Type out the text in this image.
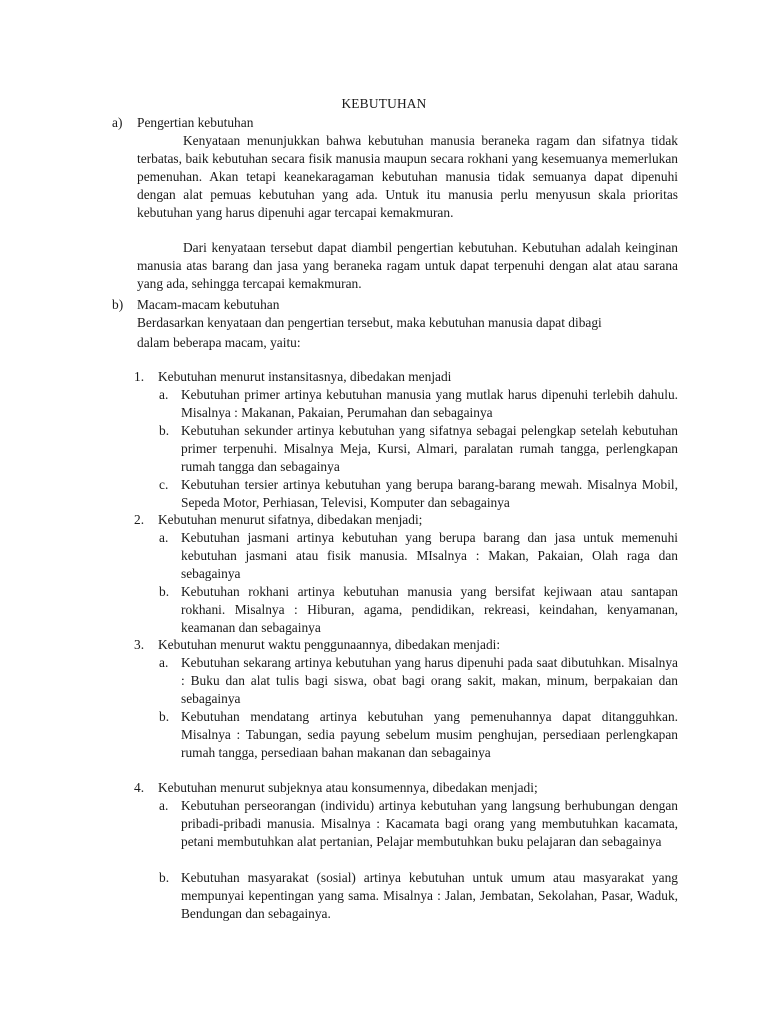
KEBUTUHAN
a) Pengertian kebutuhan
Kenyataan menunjukkan bahwa kebutuhan manusia beraneka ragam dan sifatnya tidak terbatas, baik kebutuhan secara fisik manusia maupun secara rokhani yang kesemuanya memerlukan pemenuhan. Akan tetapi keanekaragaman kebutuhan manusia tidak semuanya dapat dipenuhi dengan alat pemuas kebutuhan yang ada. Untuk itu manusia perlu menyusun skala prioritas kebutuhan yang harus dipenuhi agar tercapai kemakmuran.
Dari kenyataan tersebut dapat diambil pengertian kebutuhan. Kebutuhan adalah keinginan manusia atas barang dan jasa yang beraneka ragam untuk dapat terpenuhi dengan alat atau sarana yang ada, sehingga tercapai kemakmuran.
b) Macam-macam kebutuhan
Berdasarkan kenyataan dan pengertian tersebut, maka kebutuhan manusia dapat dibagi
dalam beberapa macam, yaitu:
1. Kebutuhan menurut instansitasnya, dibedakan menjadi
a. Kebutuhan primer artinya kebutuhan manusia yang mutlak harus dipenuhi terlebih dahulu. Misalnya : Makanan, Pakaian, Perumahan dan sebagainya
b. Kebutuhan sekunder artinya kebutuhan yang sifatnya sebagai pelengkap setelah kebutuhan primer terpenuhi. Misalnya Meja, Kursi, Almari, paralatan rumah tangga, perlengkapan rumah tangga dan sebagainya
c. Kebutuhan tersier artinya kebutuhan yang berupa barang-barang mewah. Misalnya Mobil, Sepeda Motor, Perhiasan, Televisi, Komputer dan sebagainya
2. Kebutuhan menurut sifatnya, dibedakan menjadi;
a. Kebutuhan jasmani artinya kebutuhan yang berupa barang dan jasa untuk memenuhi kebutuhan jasmani atau fisik manusia. MIsalnya : Makan, Pakaian, Olah raga dan sebagainya
b. Kebutuhan rokhani artinya kebutuhan manusia yang bersifat kejiwaan atau santapan rokhani. Misalnya : Hiburan, agama, pendidikan, rekreasi, keindahan, kenyamanan, keamanan dan sebagainya
3. Kebutuhan menurut waktu penggunaannya, dibedakan menjadi:
a. Kebutuhan sekarang artinya kebutuhan yang harus dipenuhi pada saat dibutuhkan. Misalnya : Buku dan alat tulis bagi siswa, obat bagi orang sakit, makan, minum, berpakaian dan sebagainya
b. Kebutuhan mendatang artinya kebutuhan yang pemenuhannya dapat ditangguhkan. Misalnya : Tabungan, sedia payung sebelum musim penghujan, persediaan perlengkapan rumah tangga, persediaan bahan makanan dan sebagainya
4. Kebutuhan menurut subjeknya atau konsumennya, dibedakan menjadi;
a. Kebutuhan perseorangan (individu) artinya kebutuhan yang langsung berhubungan dengan pribadi-pribadi manusia. Misalnya : Kacamata bagi orang yang membutuhkan kacamata, petani membutuhkan alat pertanian, Pelajar membutuhkan buku pelajaran dan sebagainya
b. Kebutuhan masyarakat (sosial) artinya kebutuhan untuk umum atau masyarakat yang mempunyai kepentingan yang sama. Misalnya : Jalan, Jembatan, Sekolahan, Pasar, Waduk, Bendungan dan sebagainya.
